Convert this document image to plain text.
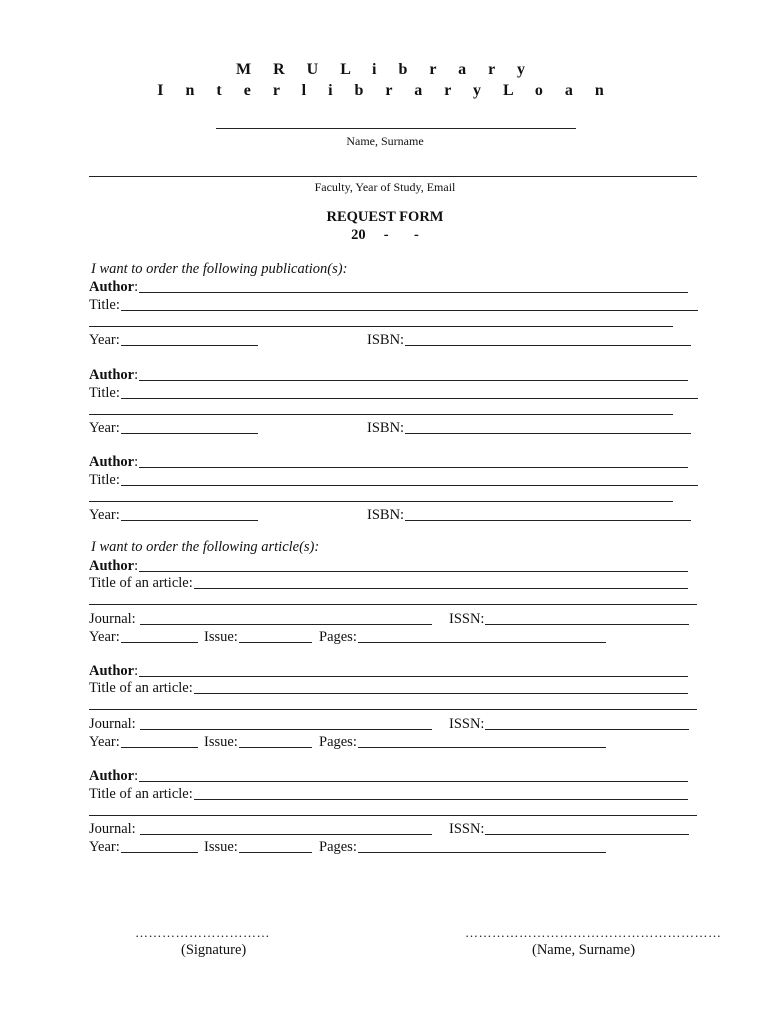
M R U L i b r a r y
I n t e r l i b r a r y L o a n
Name, Surname
Faculty, Year of Study, Email
REQUEST FORM
20     -       -
I want to order the following publication(s):
Author :
Title:
Year:	ISBN:
Author :
Title:
Year:	ISBN:
Author :
Title:
Year:	ISBN:
I want to order the following article(s):
Author :
Title of an article:
Journal:	ISSN:
Year:	Issue:	Pages:
Author :
Title of an article:
Journal:	ISSN:
Year:	Issue:	Pages:
Author :
Title of an article:
Journal:	ISSN:
Year:	Issue:	Pages:
…………………………
(Signature)
…………………………………………………
(Name, Surname)
